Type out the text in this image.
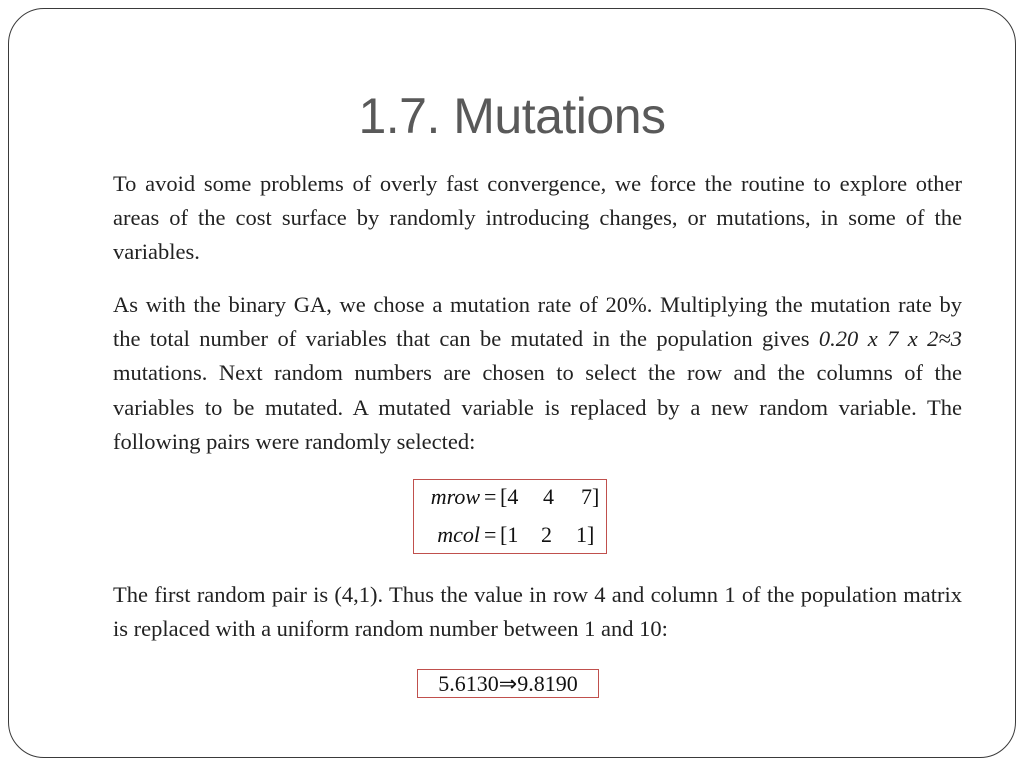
1.7. Mutations

To avoid some problems of overly fast convergence, we force the routine to explore other areas of the cost surface by randomly introducing changes, or mutations, in some of the variables.

As with the binary GA, we chose a mutation rate of 20%. Multiplying the mutation rate by the total number of variables that can be mutated in the population gives 0.20 x 7 x 2≈3 mutations. Next random numbers are chosen to select the row and the columns of the variables to be mutated. A mutated variable is replaced by a new random variable. The following pairs were randomly selected:

mrow = [4 4 7]
mcol = [1 2 1]

The first random pair is (4,1). Thus the value in row 4 and column 1 of the population matrix is replaced with a uniform random number between 1 and 10:

5.6130⇒9.8190
